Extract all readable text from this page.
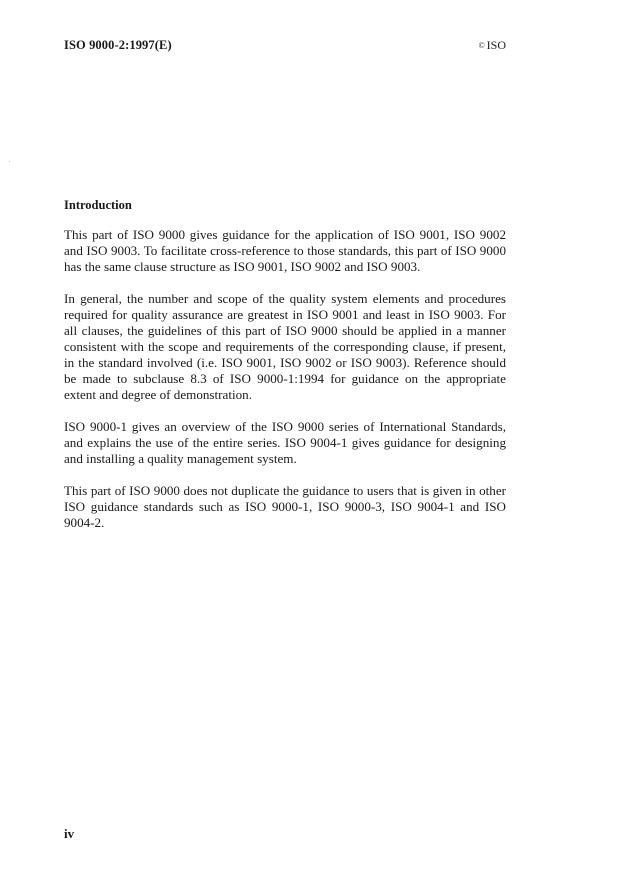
ISO 9000-2:1997(E)	© ISO
Introduction

This part of ISO 9000 gives guidance for the application of ISO 9001, ISO 9002 and ISO 9003. To facilitate cross-reference to those standards, this part of ISO 9000 has the same clause structure as ISO 9001, ISO 9002 and ISO 9003.

In general, the number and scope of the quality system elements and procedures required for quality assurance are greatest in ISO 9001 and least in ISO 9003. For all clauses, the guidelines of this part of ISO 9000 should be applied in a manner consistent with the scope and requirements of the corresponding clause, if present, in the standard involved (i.e. ISO 9001, ISO 9002 or ISO 9003). Reference should be made to subclause 8.3 of ISO 9000-1:1994 for guidance on the appropriate extent and degree of demonstration.

ISO 9000-1 gives an overview of the ISO 9000 series of International Standards, and explains the use of the entire series. ISO 9004-1 gives guidance for designing and installing a quality management system.

This part of ISO 9000 does not duplicate the guidance to users that is given in other ISO guidance standards such as ISO 9000-1, ISO 9000-3, ISO 9004-1 and ISO 9004-2.

iv
